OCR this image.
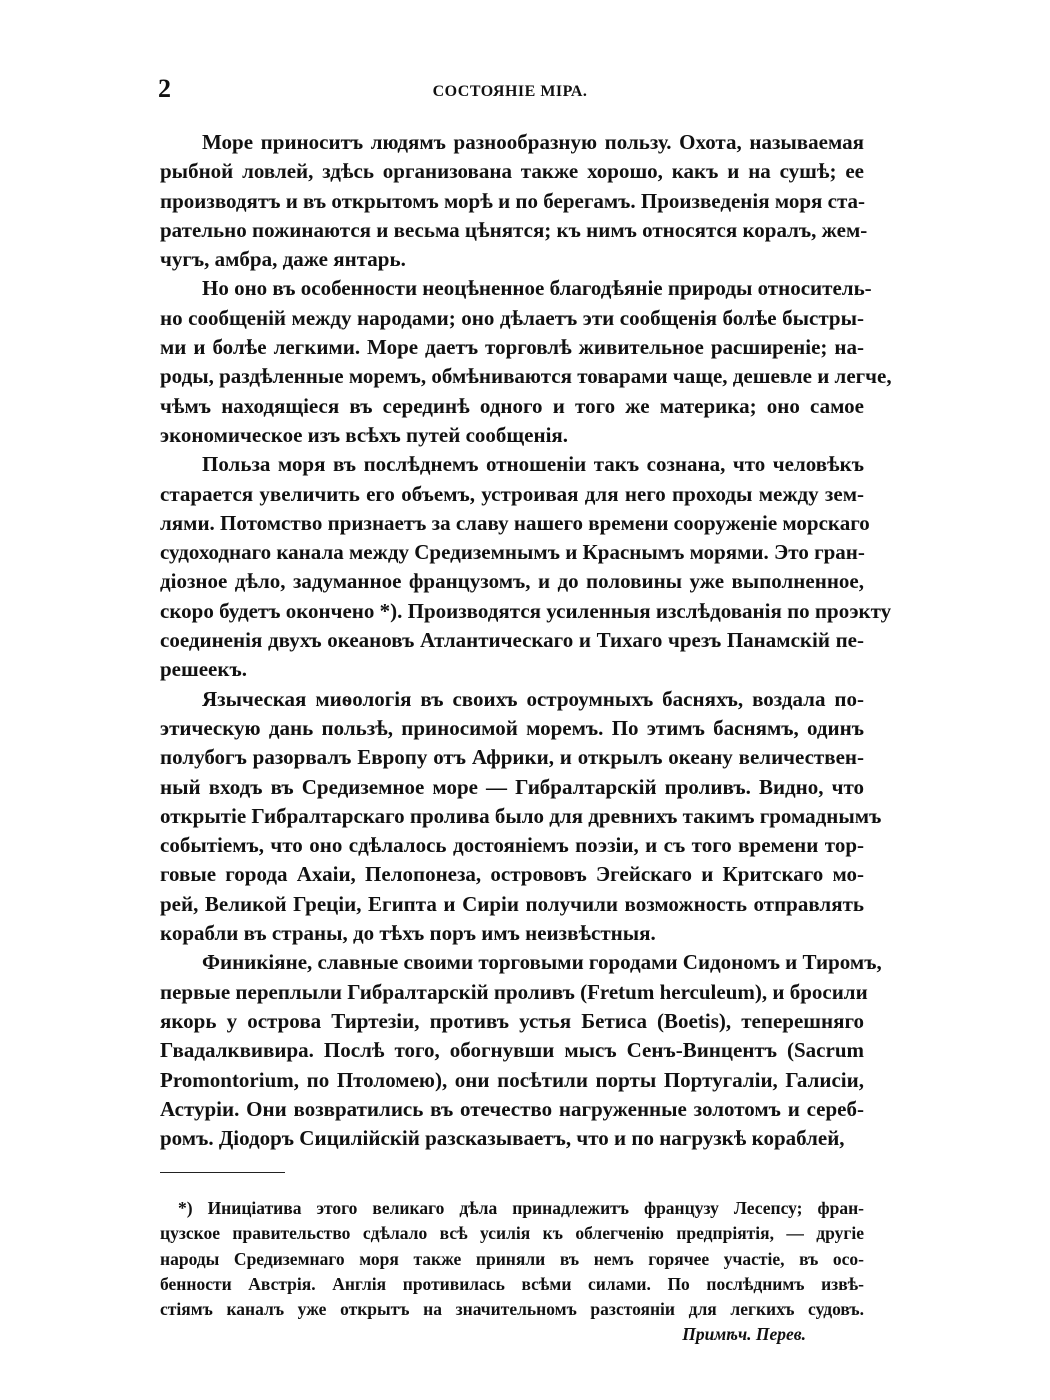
2	СОСТОЯНІЕ МІРА.
Море приноситъ людямъ разнообразную пользу. Охота, называемая
рыбной ловлей, здѣсь организована также хорошо, какъ и на сушѣ; ее
производятъ и въ открытомъ морѣ и по берегамъ. Произведенія моря ста-
рательно пожинаются и весьма цѣнятся; къ нимъ относятся коралъ, жем-
чугъ, амбра, даже янтарь.
Но оно въ особенности неоцѣненное благодѣяніе природы относитель-
но сообщеній между народами; оно дѣлаетъ эти сообщенія болѣе быстры-
ми и болѣе легкими. Море даетъ торговлѣ живительное расширеніе; на-
роды, раздѣленные моремъ, обмѣниваются товарами чаще, дешевле и легче,
чѣмъ находящіеся въ серединѣ одного и того же материка; оно самое
экономическое изъ всѣхъ путей сообщенія.
Польза моря въ послѣднемъ отношеніи такъ сознана, что человѣкъ
старается увеличить его объемъ, устроивая для него проходы между зем-
лями. Потомство признаетъ за славу нашего времени сооруженіе морскаго
судоходнаго канала между Средиземнымъ и Краснымъ морями. Это гран-
діозное дѣло, задуманное французомъ, и до половины уже выполненное,
скоро будетъ окончено *). Производятся усиленныя изслѣдованія по проэкту
соединенія двухъ океановъ Атлантическаго и Тихаго чрезъ Панамскій пе-
решеекъ.
Языческая миѳологія въ своихъ остроумныхъ басняхъ, воздала по-
этическую дань пользѣ, приносимой моремъ. По этимъ баснямъ, одинъ
полубогъ разорвалъ Европу отъ Африки, и открылъ океану величествен-
ный входъ въ Средиземное море — Гибралтарскій проливъ. Видно, что
открытіе Гибралтарскаго пролива было для древнихъ такимъ громаднымъ
событіемъ, что оно сдѣлалось достояніемъ поэзіи, и съ того времени тор-
говые города Ахаіи, Пелопонеза, острововъ Эгейскаго и Критскаго мо-
рей, Великой Греціи, Египта и Сиріи получили возможность отправлять
корабли въ страны, до тѣхъ поръ имъ неизвѣстныя.
Финикіяне, славные своими торговыми городами Сидономъ и Тиромъ,
первые переплыли Гибралтарскій проливъ (Fretum herculeum), и бросили
якорь у острова Тиртезіи, противъ устья Бетиса (Boetis), теперешняго
Гвадалквивира. Послѣ того, обогнувши мысъ Сенъ-Винцентъ (Sacrum
Promontorium, по Птоломею), они посѣтили порты Португаліи, Галисіи,
Астуріи. Они возвратились въ отечество нагруженные золотомъ и сереб-
ромъ. Діодоръ Сицилійскій разсказываетъ, что и по нагрузкѣ кораблей,
*) Иниціатива этого великаго дѣла принадлежитъ французу Лесепсу; фран-
цузское правительство сдѣлало всѣ усилія къ облегченію предпріятія, — другіе
народы Средиземнаго моря также приняли въ немъ горячее участіе, въ осо-
бенности Австрія. Англія противилась всѣми силами. По послѣднимъ извѣ-
стіямъ каналъ уже открытъ на значительномъ разстояніи для легкихъ судовъ.
Примѣч. Перев.
